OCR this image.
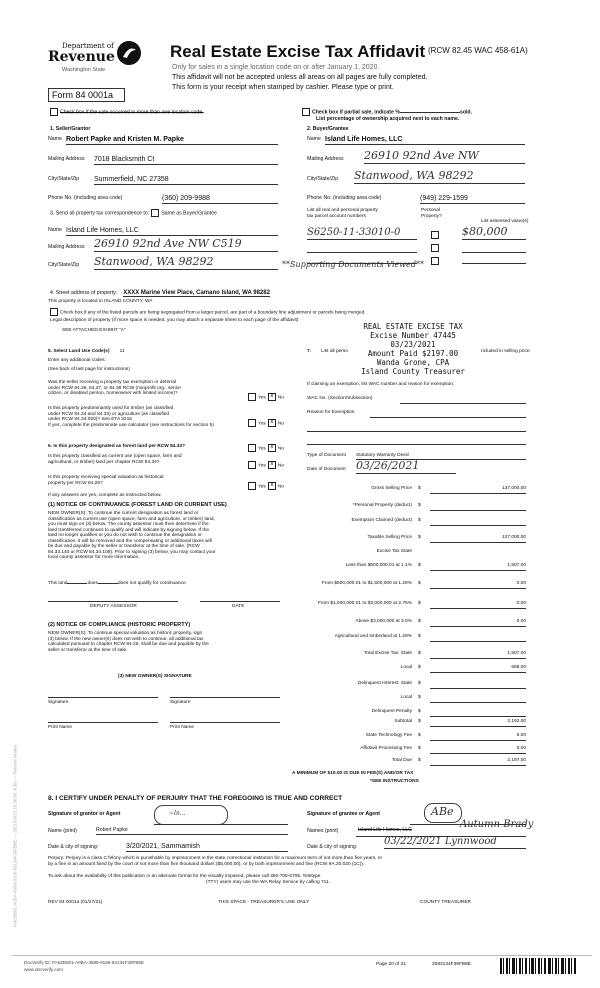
Department of
Revenue
Washington State
Real Estate Excise Tax Affidavit (RCW 82.45 WAC 458-61A)
Only for sales in a single location code on or after January 1, 2020.
This affidavit will not be accepted unless all areas on all pages are fully completed.
This form is your receipt when stamped by cashier. Please type or print.
Form 84 0001a
Check box if the sale occurred in more than one location code.	Check box if partial sale, indicate %	sold.
List percentage of ownership acquired next to each name.
1. Seller/Grantor
Name Robert Papke and Kristen M. Papke
Mailing Address 7018 Blacksmith Ct
City/State/Zip Summerfield, NC 27358
Phone No. (including area code)	(360) 209-9988
2. Buyer/Grantee
Name Island Life Homes, LLC
Mailing Address 26910 92nd Ave NW
City/State/Zip Stanwood, WA 98292
Phone No. (including area code)	(949) 229-1599
3. Send all property tax correspondence to: Same as Buyer/Grantee
Name Island Life Homes, LLC
Mailing Address 26910 92nd Ave NW C519
City/State/Zip Stanwood, WA 98292	**Supporting Documents Viewed**
List all real and personal property
tax parcel account numbers
Personal
Property?
List assessed value(s)
S6250-11-33010-0	$80,000
4. Street address of property: XXXX Marine View Place, Camano Island, WA 98282
This property is located in ISLAND COUNTY, WA
Check box if any of the listed parcels are being segregated from a larger parcel, are part of a boundary line adjustment or parcels being merged.
Legal description of property (if more space is needed, you may attach a separate sheet to each page of the affidavit)
SEE ATTACHED EXHIBIT "A"	REAL ESTATE EXCISE TAX
Excise Number 47445
03/23/2021
Amount Paid $2197.00
Wanda Grone, CPA
Island County Treasurer
5. Select Land Use Code(s) 11
Enter any additional codes:
(See back of last page for instructions)
Was the seller receiving a property tax exemption or deferral
under RCW 84.36, 84.37, or 84.38 RCW (nonprofit org., senior
citizen, or disabled person, homeowner with limited income)?
Yes x	No
Is this property predominantly used for timber (as classified
under RCW 84.34 and 84.33) or agriculture (as classified
under RCW 84.34.020)? See ETA 3215
If yes, complete the predominate use calculator (see instructions for section 5)	Yes x	No
6. Is this property designated as forest land per RCW 84.33?	Yes x	No
Is this property classified as current use (open space, farm and
agricultural, or timber) land per chapter RCW 84.34?
Yes x	No
Is this property receiving special valuation as historical
property per RCW 84.26?
Yes x	No
If any answers are yes, complete as instructed below.
(1) NOTICE OF CONTINUANCE (FOREST LAND OR CURRENT USE)
NEW OWNER(S): To continue the current designation as forest land or
classification as current use (open space, farm and agriculture, or timber) land,
you must sign on (3) below. The county assessor must then determine if the
land transferred continues to qualify and will indicate by signing below. If the
land no longer qualifies or you do not wish to continue the designation or
classification, it will be removed and the compensating or additional taxes will
be due and payable by the seller or transferor at the time of sale. (RCW
84.33.140 or RCW 84.34.108). Prior to signing (3) below, you may contact your
local county assessor for more information.
This land	does	does not qualify for continuance.
DEPUTY ASSESSOR	DATE
(2) NOTICE OF COMPLIANCE (HISTORIC PROPERTY)
NEW OWNER(S): To continue special valuation as historic property, sign
(3) below. If the new owner(s) does not wish to continue, all additional tax
calculated pursuant to chapter RCW 84.26, shall be due and payable by the
seller or transferor at the time of sale.
(3) NEW OWNER(S) SIGNATURE
Signature	Signature
Print Name	Print Name
7. List all perso	ncluded in selling price.
If claiming an exemption, list WAC number and reason for exemption:
WAC No. (Section/Subsection)
Reason for Exemption
Type of Document Statutory Warranty Deed
Date of Document 03/26/2021
Gross Selling Price $	137,000.00
*Personal Property (deduct) $
Exemption Claimed (deduct) $
Taxable Selling Price $	137,000.00
Excise Tax State
Less than $500,000.01 at 1.1% $	1,507.00
From $500,000.01 to $1,500,000 at 1.28% $	0.00
From $1,500,000.01 to $3,000,000 at 2.75% $	0.00
Above $3,000,000 at 3.0% $	0.00
Agricultural and timberland at 1.28% $
Total Excise Tax: State $	1,507.00
Local $	685.00
Delinquent Interest: State $
Local $
Delinquent Penalty $
Subtotal $	2,192.00
State Technology Fee $	5.00
Affidavit Processing Fee $	0.00
Total Due $	2,197.00
A MINIMUM OF $10.00 IS DUE IN FEE(S) AND/OR TAX
*SEE INSTRUCTIONS
8. I CERTIFY UNDER PENALTY OF PERJURY THAT THE FOREGOING IS TRUE AND CORRECT
Signature of grantor or Agent	~ln...	Signature of grantee or Agent	ABe
Name (print)	Robert Papke	Names (print)	Island Life Homes, LLC	Autumn Brady
Date & city of signing:	3/20/2021, Sammamish	Date & city of signing:	03/22/2021 Lynnwood
Perjury: Perjury is a class C felony which is punishable by imprisonment in the state correctional institution for a maximum term of not more than five years, or
by a fine in an amount fixed by the court of not more than five thousand dollars ($5,000.00), or by both imprisonment and fine (RCW 9A.20.020 (1C)).
To ask about the availability of this publication in an alternate format for the visually impaired, please call 360-705-6705. Teletype
(TTY) users may use the WA Relay Service by calling 711.
REV 84 0001a (01/27/21)	THIS SPACE - TREASURER'S USE ONLY	COUNTY TREASURER
DocVerify ID: FA62B081-A0BA-4599-9166-83134F39FB8E
www.docverify.com
Page 20 of 31	2083134F39FB8E
FA62B081-A0BA-4599-9166-83134F39FB8E --- 2021/03/23 10:30:00 -8:00 --- Remote Notary
